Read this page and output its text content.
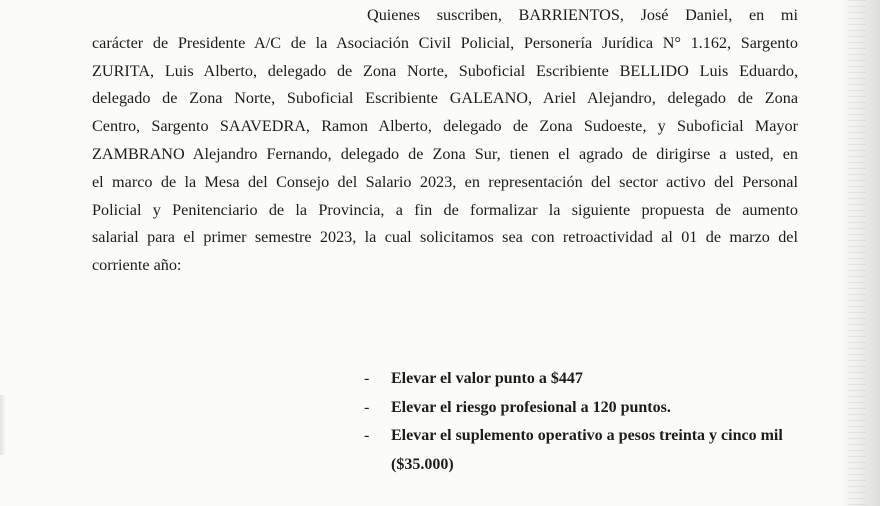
Quienes suscriben, BARRIENTOS, José Daniel, en mi
carácter de Presidente A/C de la Asociación Civil Policial, Personería Jurídica N° 1.162, Sargento
ZURITA, Luis Alberto, delegado de Zona Norte, Suboficial Escribiente BELLIDO Luis Eduardo,
delegado de Zona Norte, Suboficial Escribiente GALEANO, Ariel Alejandro, delegado de Zona
Centro, Sargento SAAVEDRA, Ramon Alberto, delegado de Zona Sudoeste, y Suboficial Mayor
ZAMBRANO Alejandro Fernando, delegado de Zona Sur, tienen el agrado de dirigirse a usted, en
el marco de la Mesa del Consejo del Salario 2023, en representación del sector activo del Personal
Policial y Penitenciario de la Provincia, a fin de formalizar la siguiente propuesta de aumento
salarial para el primer semestre 2023, la cual solicitamos sea con retroactividad al 01 de marzo del
corriente año:
- Elevar el valor punto a $447
- Elevar el riesgo profesional a 120 puntos.
- Elevar el suplemento operativo a pesos treinta y cinco mil ($35.000)
